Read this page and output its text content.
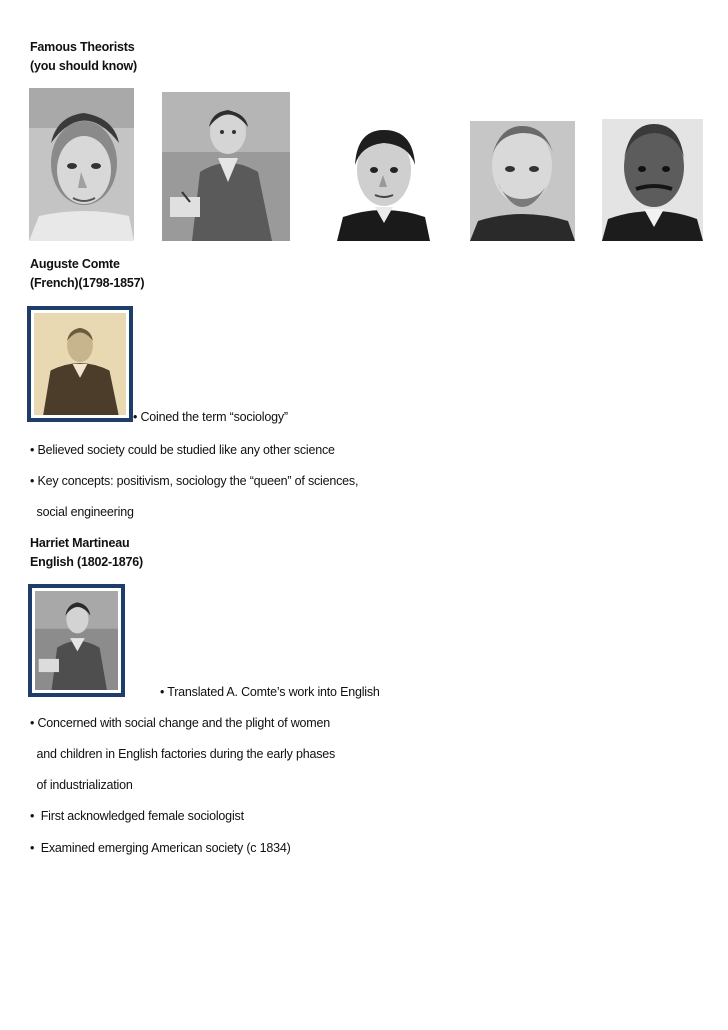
Famous Theorists
(you should know)
Auguste Comte
(French)(1798-1857)
• Coined the term “sociology”
• Believed society could be studied like any other science
• Key concepts: positivism, sociology the “queen” of sciences,
social engineering
Harriet Martineau
English (1802-1876)
• Translated A. Comte’s work into English
• Concerned with social change and the plight of women
and children in English factories during the early phases
of industrialization
•  First acknowledged female sociologist
•  Examined emerging American society (c 1834)
